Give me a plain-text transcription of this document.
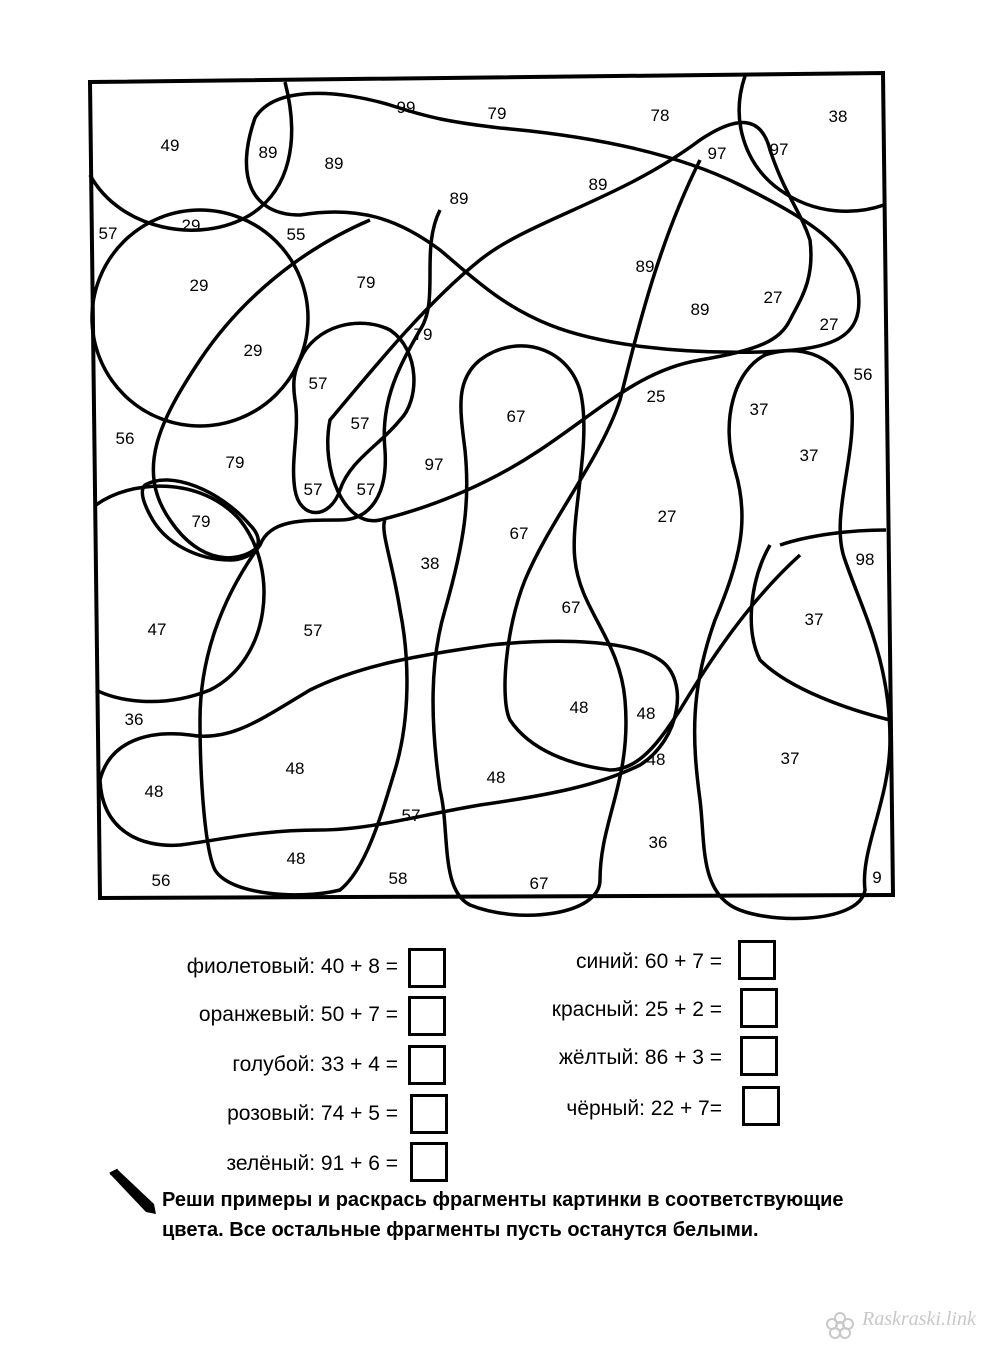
49	89
89
99	79	78	38
97	97
89
89
57	29	55
29	79
89
29
79
89
27
27
57
57	67
25
56
37
56
79	97	37
57 57
79
67
27
98
38
67
47	57
37
36
48	48
48
48	48
48
37
57
48
36
56	58	67	9
фиолетовый: 40 + 8 =
оранжевый: 50 + 7 =
голубой: 33 + 4 =
розовый: 74 + 5 =
зелёный: 91 + 6 =
синий: 60 + 7 =
красный: 25 + 2 =
жёлтый: 86 + 3 =
чёрный: 22 + 7=
Реши примеры и раскрась фрагменты картинки в соответствующие
цвета. Все остальные фрагменты пусть останутся белыми.
Raskraski.link
